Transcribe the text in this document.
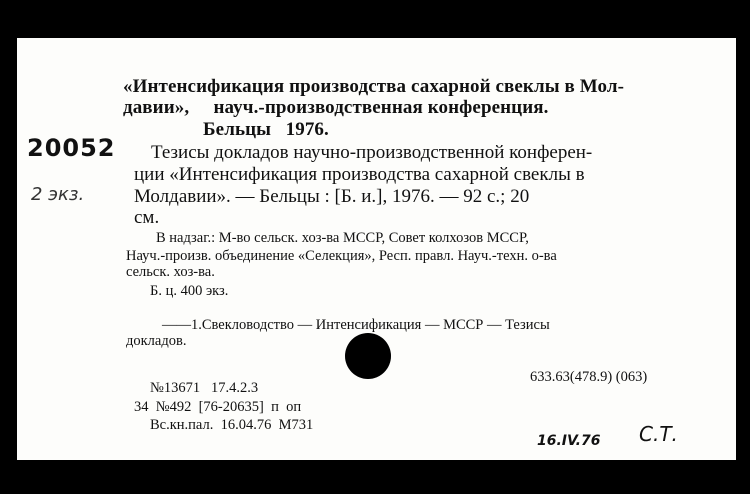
20052
2 экз.
«Интенсификация производства сахарной свеклы в Мол-
давии»,     науч.-производственная конференция.
Бельцы   1976.
Тезисы докладов научно-производственной конферен-
ции «Интенсификация производства сахарной свеклы в
Молдавии». — Бельцы : [Б. и.], 1976. — 92 с.; 20
см.
В надзаг.: М-во сельск. хоз-ва МССР, Совет колхозов МССР,
Науч.-произв. объединение «Селекция», Респ. правл. Науч.-техн. о-ва
сельск. хоз-ва.
Б. ц. 400 экз.
——1.Свекловодство — Интенсификация — МССР — Тезисы
докладов.
633.63(478.9) (063)
№13671   17.4.2.3
34  №492  [76-20635]  п  оп
Вс.кн.пал.  16.04.76  М731
16.IV.76 С.Т.
